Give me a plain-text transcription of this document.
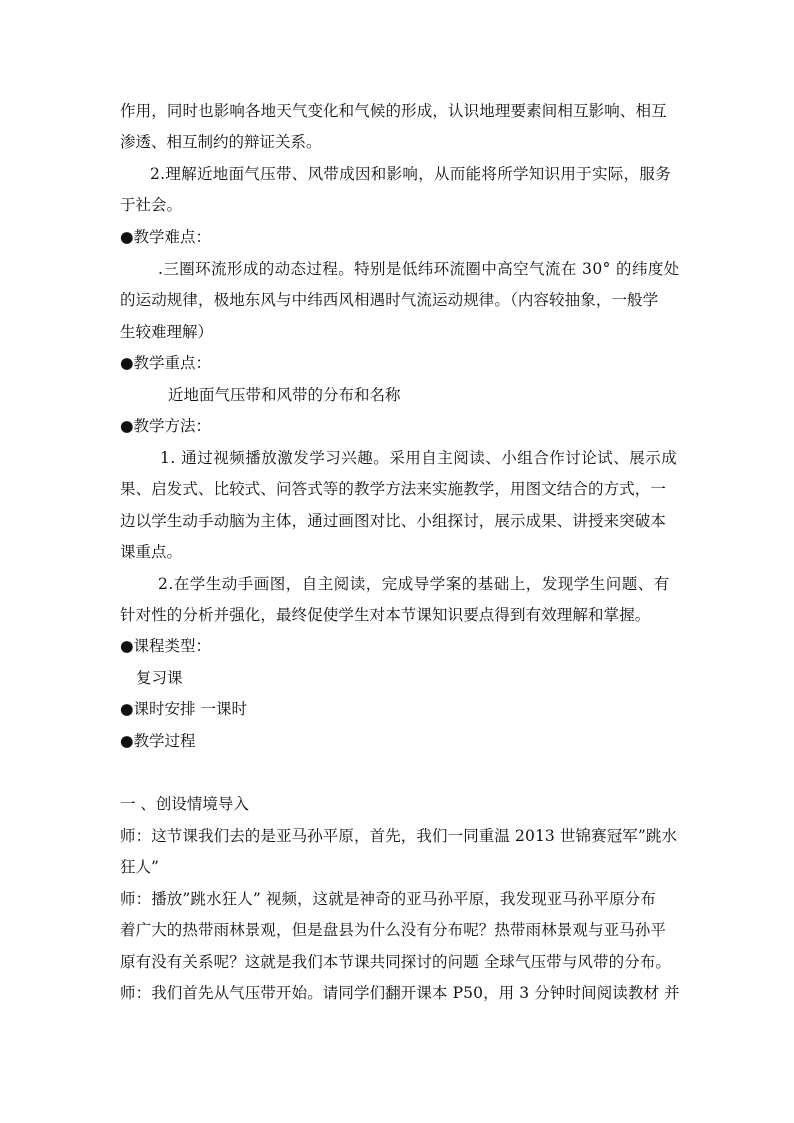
作用，同时也影响各地天气变化和气候的形成，认识地理要素间相互影响、相互
渗透、相互制约的辩证关系。
2.理解近地面气压带、风带成因和影响，从而能将所学知识用于实际，服务
于社会。
●教学难点：
.三圈环流形成的动态过程。特别是低纬环流圈中高空气流在 30° 的纬度处
的运动规律，极地东风与中纬西风相遇时气流运动规律。（内容较抽象，一般学
生较难理解）
●教学重点：
近地面气压带和风带的分布和名称
●教学方法：
1. 通过视频播放激发学习兴趣。采用自主阅读、小组合作讨论试、展示成
果、启发式、比较式、问答式等的教学方法来实施教学，用图文结合的方式，一
边以学生动手动脑为主体，通过画图对比、小组探讨，展示成果、讲授来突破本
课重点。
2.在学生动手画图，自主阅读，完成导学案的基础上，发现学生问题、有
针对性的分析并强化，最终促使学生对本节课知识要点得到有效理解和掌握。
●课程类型：
复习课
●课时安排 一课时
●教学过程
一 、创设情境导入
师：这节课我们去的是亚马孙平原，首先，我们一同重温 2013 世锦赛冠军”跳水
狂人”
师：播放”跳水狂人” 视频，这就是神奇的亚马孙平原，我发现亚马孙平原分布
着广大的热带雨林景观，但是盘县为什么没有分布呢？热带雨林景观与亚马孙平
原有没有关系呢？这就是我们本节课共同探讨的问题 全球气压带与风带的分布。
师：我们首先从气压带开始。请同学们翻开课本 P50，用 3 分钟时间阅读教材 并
